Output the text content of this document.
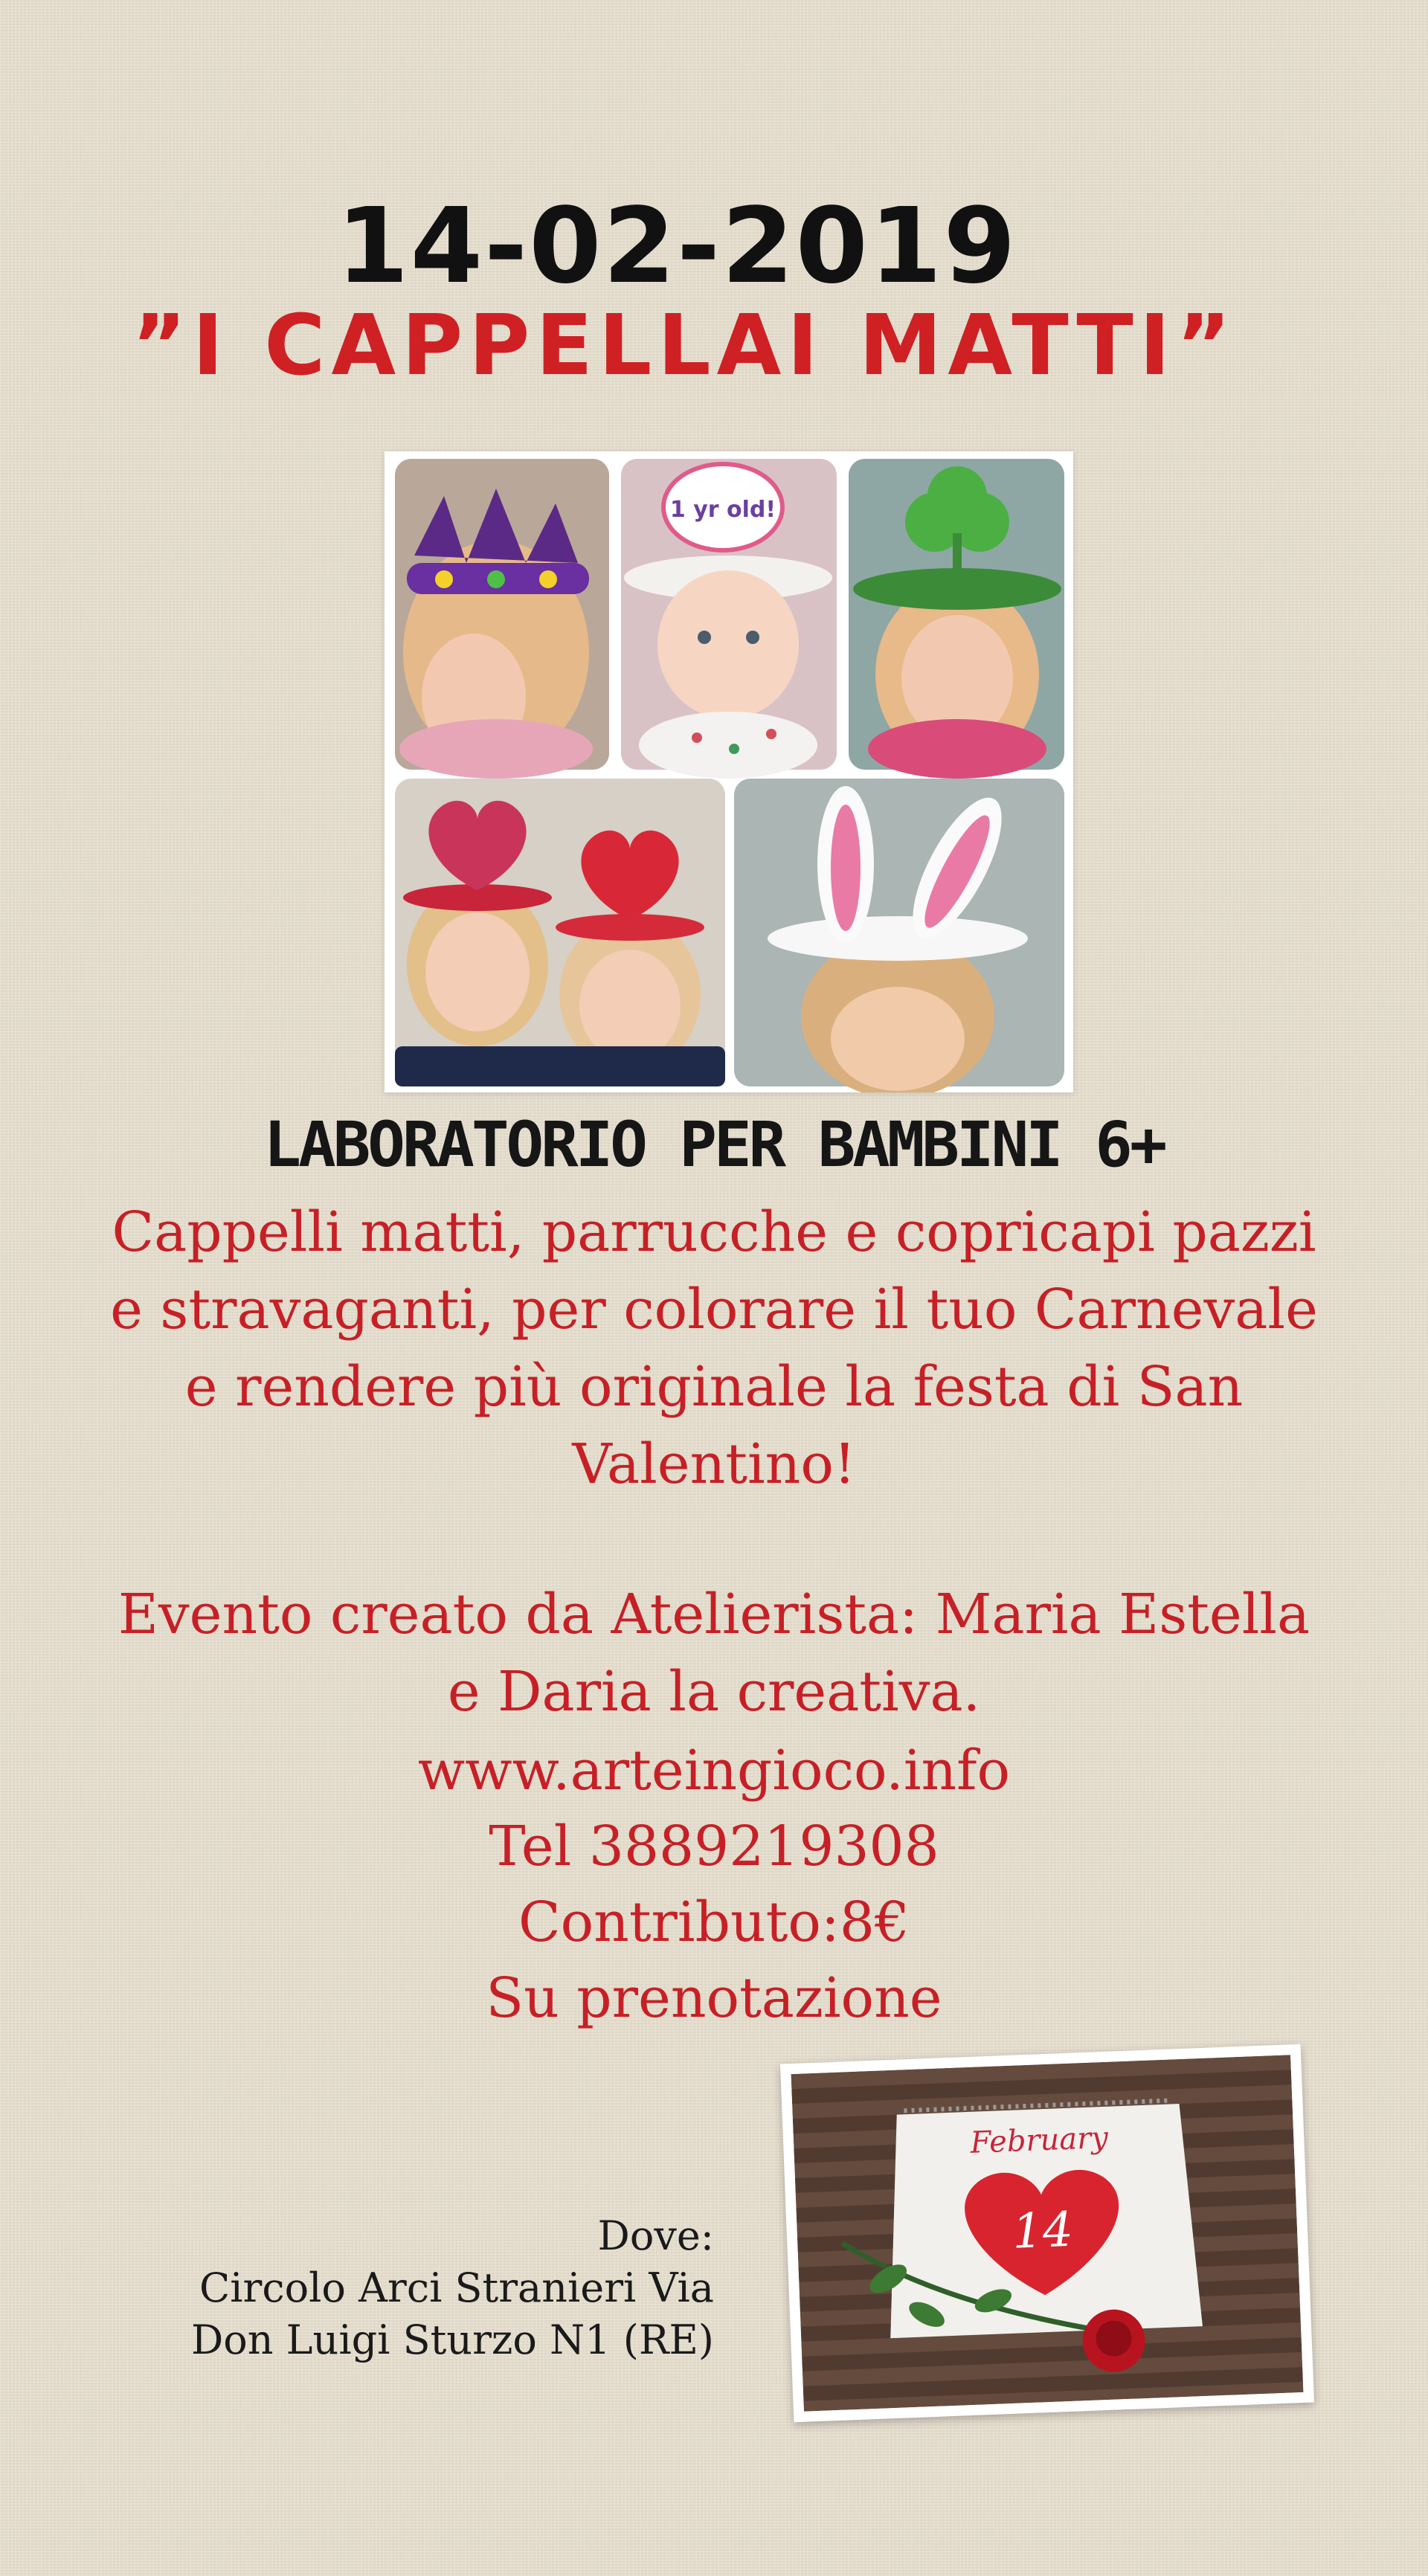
14-02-2019
”I CAPPELLAI MATTI”
1 yr old!
LABORATORIO PER BAMBINI 6+
Cappelli matti, parrucche e copricapi pazzi
e stravaganti, per colorare il tuo Carnevale
e rendere più originale la festa di San
Valentino!
Evento creato da Atelierista: Maria Estella
e Daria la creativa.
www.arteingioco.info
Tel 3889219308
Contributo:8€
Su prenotazione
Dove:
Circolo Arci Stranieri Via
Don Luigi Sturzo N1 (RE)
February
14
